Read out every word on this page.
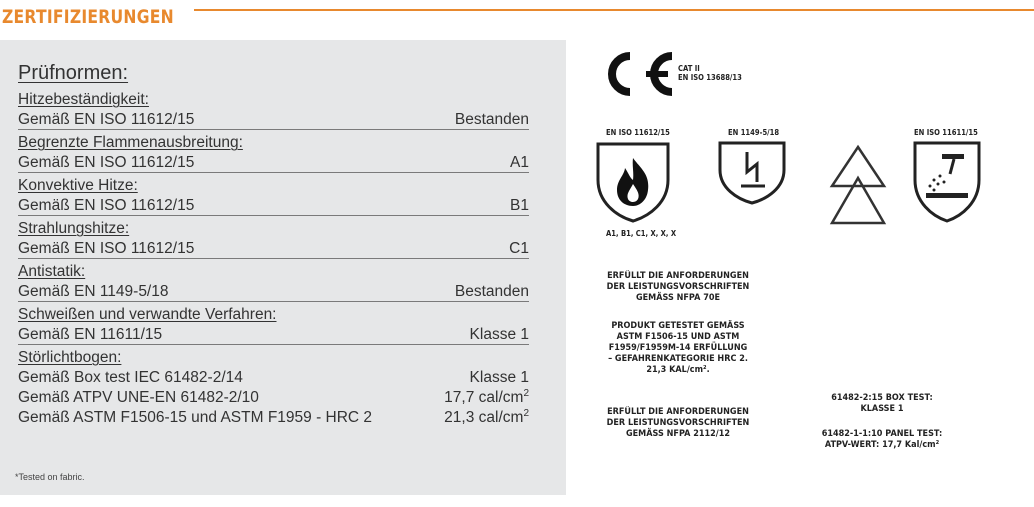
ZERTIFIZIERUNGEN
Prüfnormen:
Hitzebeständigkeit:
Gemäß EN ISO 11612/15	Bestanden
Begrenzte Flammenausbreitung:
Gemäß EN ISO 11612/15	A1
Konvektive Hitze:
Gemäß EN ISO 11612/15	B1
Strahlungshitze:
Gemäß EN ISO 11612/15	C1
Antistatik:
Gemäß EN 1149-5/18	Bestanden
Schweißen und verwandte Verfahren:
Gemäß EN 11611/15	Klasse 1
Störlichtbogen:
Gemäß Box test IEC 61482-2/14	Klasse 1
Gemäß ATPV UNE-EN 61482-2/10	17,7 cal/$cm^2$
Gemäß ASTM F1506-15 und ASTM F1959 - HRC 2	21,3 cal/$cm^2$
*Tested on fabric.
CAT II
EN ISO 13688/13
EN ISO 11612/15	EN 1149-5/18	EN ISO 11611/15
A1, B1, C1, X, X, X
ERFÜLLT DIE ANFORDERUNGEN
DER LEISTUNGSVORSCHRIFTEN
GEMÄSS NFPA 70E
PRODUKT GETESTET GEMÄSS
ASTM F1506-15 UND ASTM
F1959/F1959M-14 ERFÜLLUNG
– GEFAHRENKATEGORIE HRC 2.
21,3 KAL/cm².
ERFÜLLT DIE ANFORDERUNGEN
DER LEISTUNGSVORSCHRIFTEN
GEMÄSS NFPA 2112/12
61482-2:15 BOX TEST:
KLASSE 1
61482-1-1:10 PANEL TEST:
ATPV-WERT: 17,7 Kal/cm²
